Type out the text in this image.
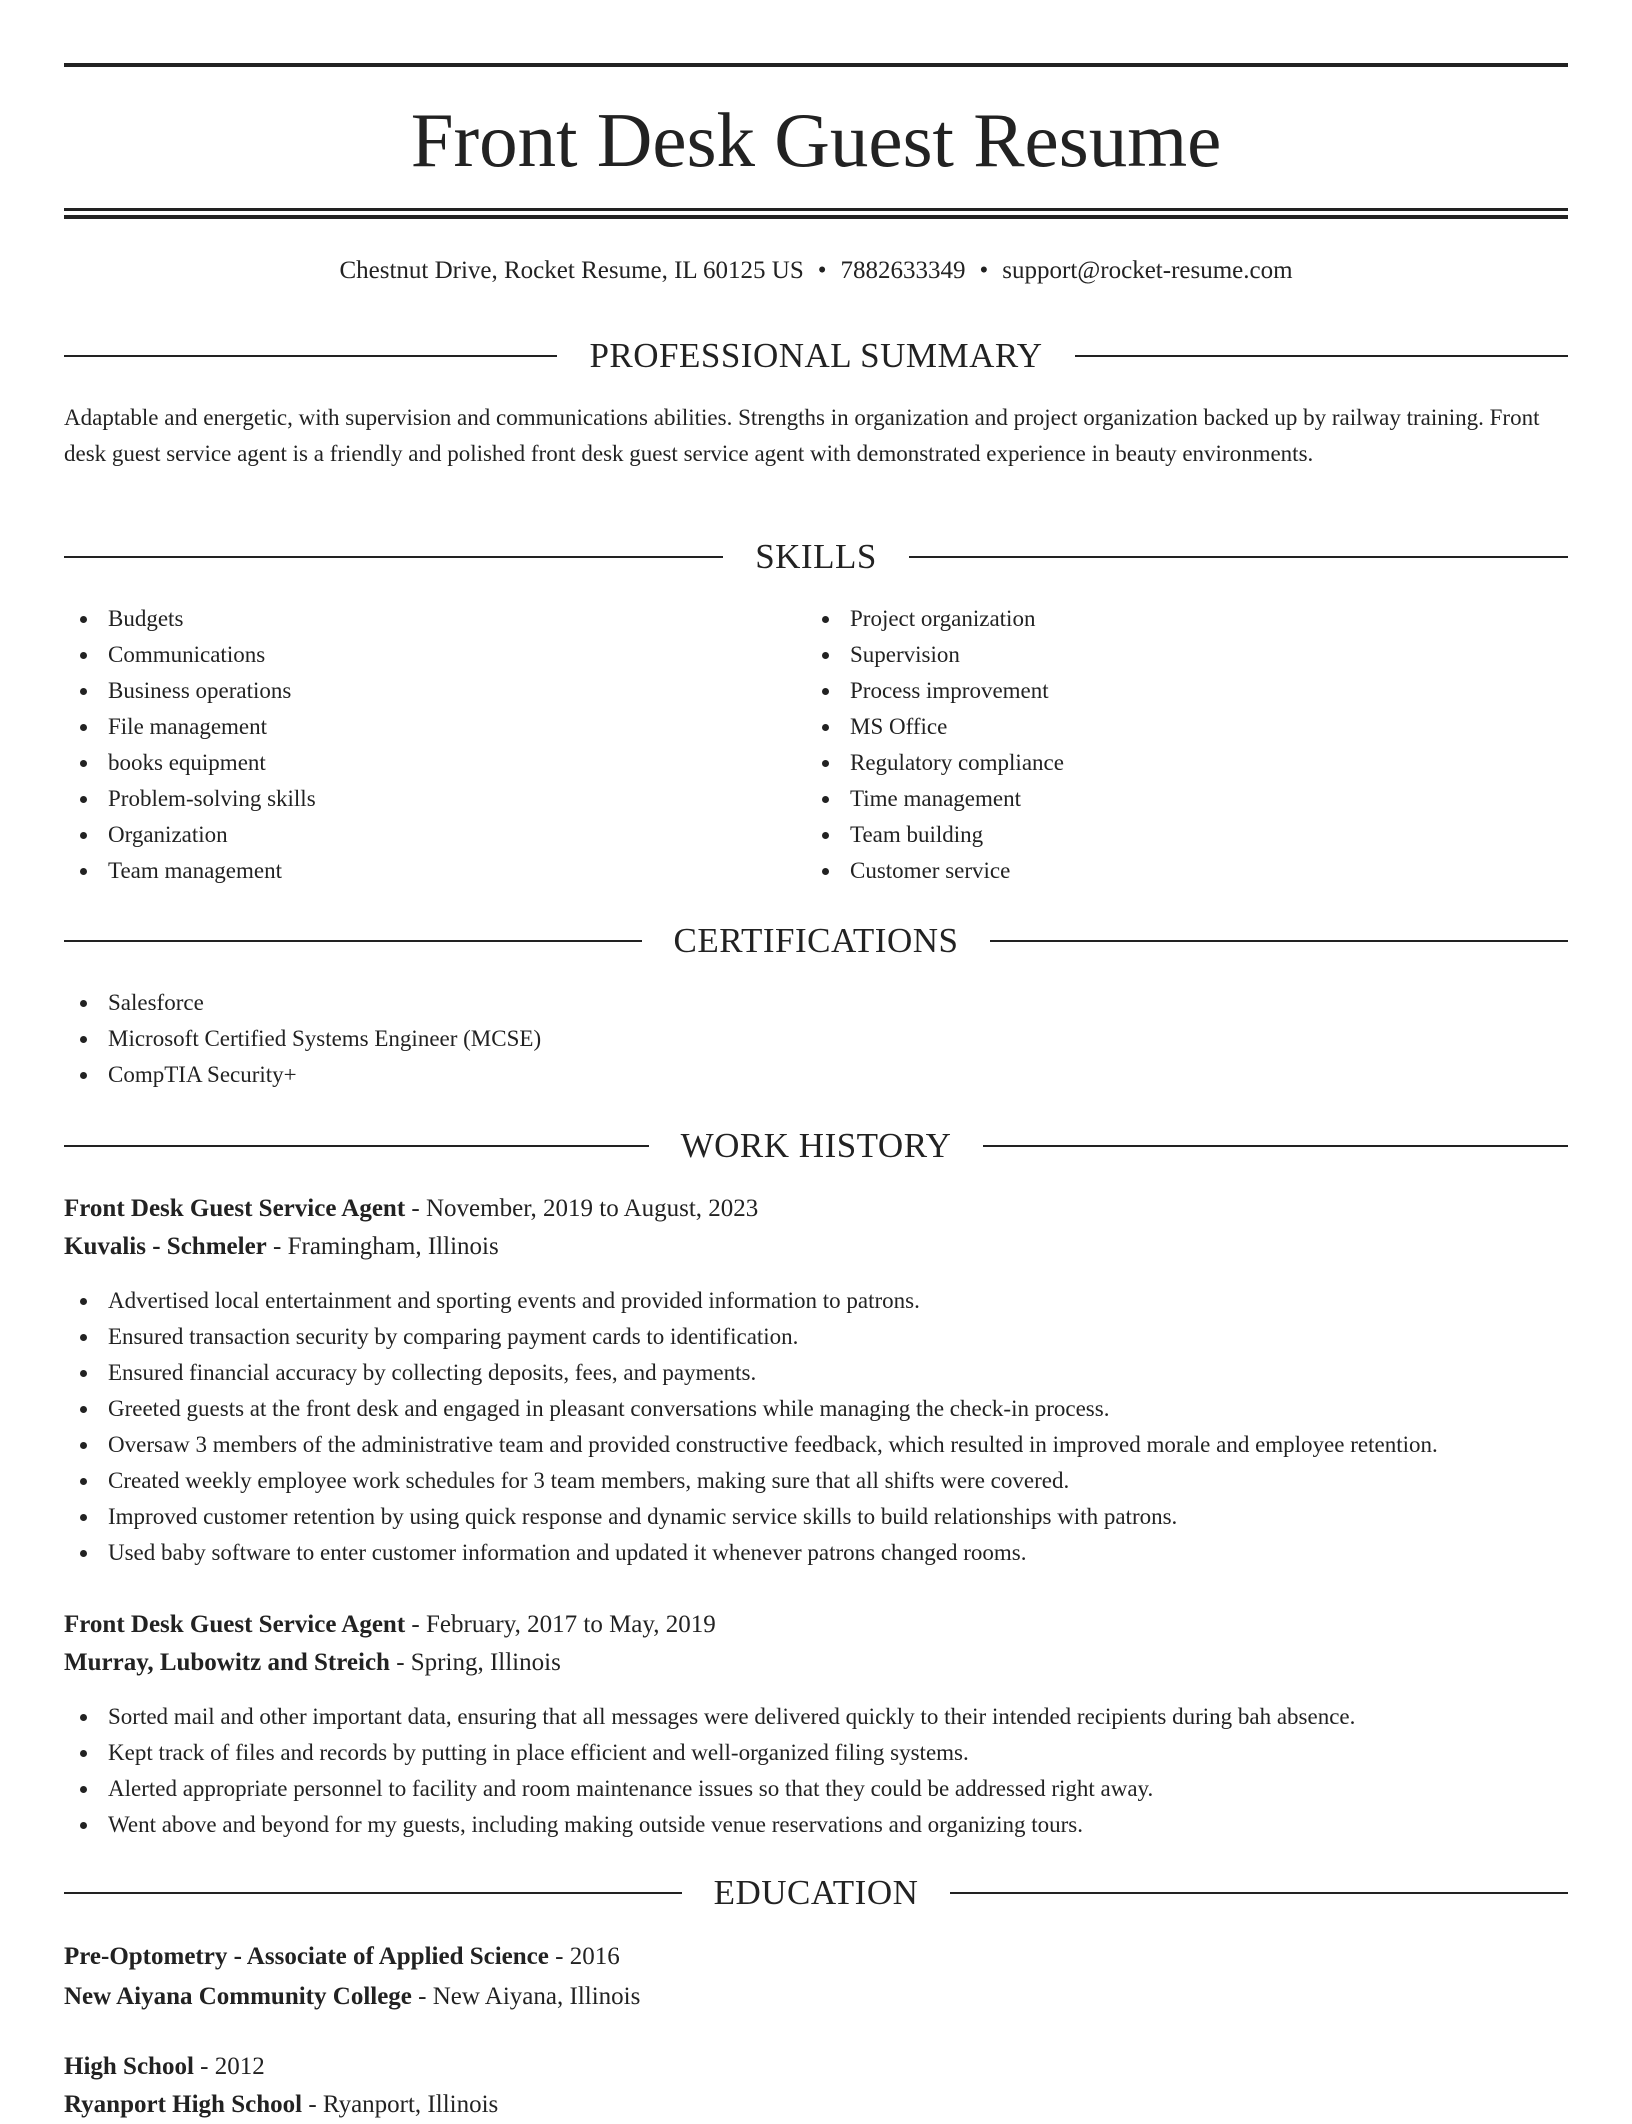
Front Desk Guest Resume
Chestnut Drive, Rocket Resume, IL 60125 US • 7882633349 • support@rocket-resume.com
PROFESSIONAL SUMMARY

Adaptable and energetic, with supervision and communications abilities. Strengths in organization and project organization backed up by railway training. Front desk guest service agent is a friendly and polished front desk guest service agent with demonstrated experience in beauty environments.

SKILLS
Budgets
Communications
Business operations
File management
books equipment
Problem-solving skills
Organization
Team management
Project organization
Supervision
Process improvement
MS Office
Regulatory compliance
Time management
Team building
Customer service
CERTIFICATIONS
Salesforce
Microsoft Certified Systems Engineer (MCSE)
CompTIA Security+
WORK HISTORY
Front Desk Guest Service Agent - November, 2019 to August, 2023
Kuvalis - Schmeler - Framingham, Illinois
Advertised local entertainment and sporting events and provided information to patrons.
Ensured transaction security by comparing payment cards to identification.
Ensured financial accuracy by collecting deposits, fees, and payments.
Greeted guests at the front desk and engaged in pleasant conversations while managing the check-in process.
Oversaw 3 members of the administrative team and provided constructive feedback, which resulted in improved morale and employee retention.
Created weekly employee work schedules for 3 team members, making sure that all shifts were covered.
Improved customer retention by using quick response and dynamic service skills to build relationships with patrons.
Used baby software to enter customer information and updated it whenever patrons changed rooms.
Front Desk Guest Service Agent - February, 2017 to May, 2019
Murray, Lubowitz and Streich - Spring, Illinois
Sorted mail and other important data, ensuring that all messages were delivered quickly to their intended recipients during bah absence.
Kept track of files and records by putting in place efficient and well-organized filing systems.
Alerted appropriate personnel to facility and room maintenance issues so that they could be addressed right away.
Went above and beyond for my guests, including making outside venue reservations and organizing tours.
EDUCATION
Pre-Optometry - Associate of Applied Science - 2016
New Aiyana Community College - New Aiyana, Illinois
High School - 2012
Ryanport High School - Ryanport, Illinois
